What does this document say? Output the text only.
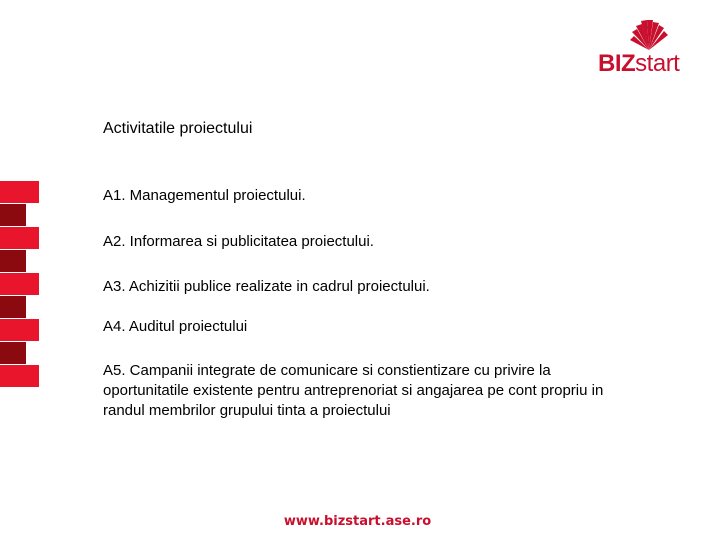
BIZstart
Activitatile proiectului
A1. Managementul proiectului.
A2. Informarea si publicitatea proiectului.
A3. Achizitii publice realizate in cadrul proiectului.
A4. Auditul proiectului
A5. Campanii integrate de comunicare si constientizare cu privire la oportunitatile existente pentru antreprenoriat si angajarea pe cont propriu in randul membrilor grupului tinta a proiectului
www.bizstart.ase.ro
